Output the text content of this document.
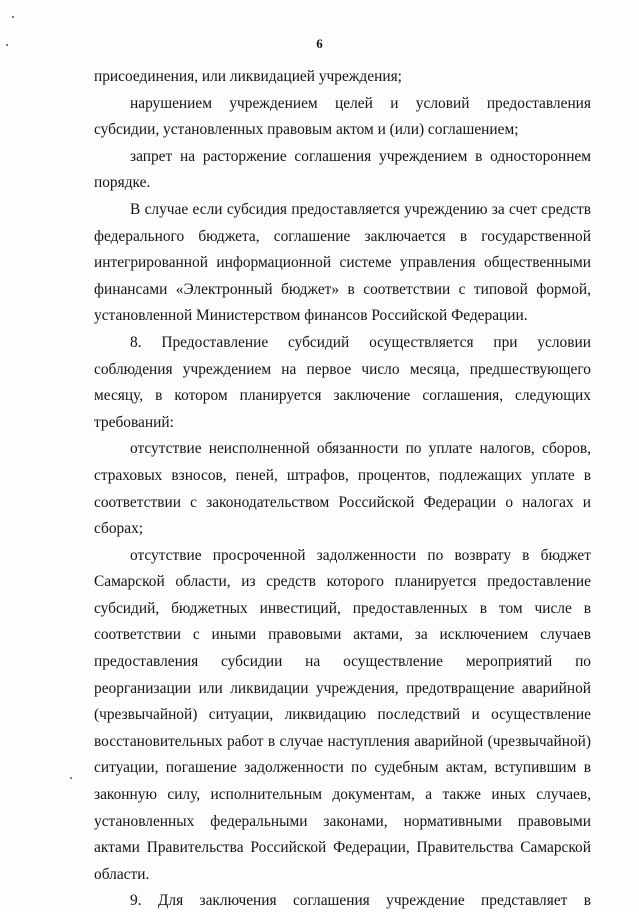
6

присоединения, или ликвидацией учреждения;

нарушением учреждением целей и условий предоставления субсидии, установленных правовым актом и (или) соглашением;

запрет на расторжение соглашения учреждением в одностороннем порядке.

В случае если субсидия предоставляется учреждению за счет средств федерального бюджета, соглашение заключается в государственной интегрированной информационной системе управления общественными финансами «Электронный бюджет» в соответствии с типовой формой, установленной Министерством финансов Российской Федерации.

8. Предоставление субсидий осуществляется при условии соблюдения учреждением на первое число месяца, предшествующего месяцу, в котором планируется заключение соглашения, следующих требований:

отсутствие неисполненной обязанности по уплате налогов, сборов, страховых взносов, пеней, штрафов, процентов, подлежащих уплате в соответствии с законодательством Российской Федерации о налогах и сборах;

отсутствие просроченной задолженности по возврату в бюджет Самарской области, из средств которого планируется предоставление субсидий, бюджетных инвестиций, предоставленных в том числе в соответствии с иными правовыми актами, за исключением случаев предоставления субсидии на осуществление мероприятий по реорганизации или ликвидации учреждения, предотвращение аварийной (чрезвычайной) ситуации, ликвидацию последствий и осуществление восстановительных работ в случае наступления аварийной (чрезвычайной) ситуации, погашение задолженности по судебным актам, вступившим в законную силу, исполнительным документам, а также иных случаев, установленных федеральными законами, нормативными правовыми актами Правительства Российской Федерации, Правительства Самарской области.

9. Для заключения соглашения учреждение представляет в
